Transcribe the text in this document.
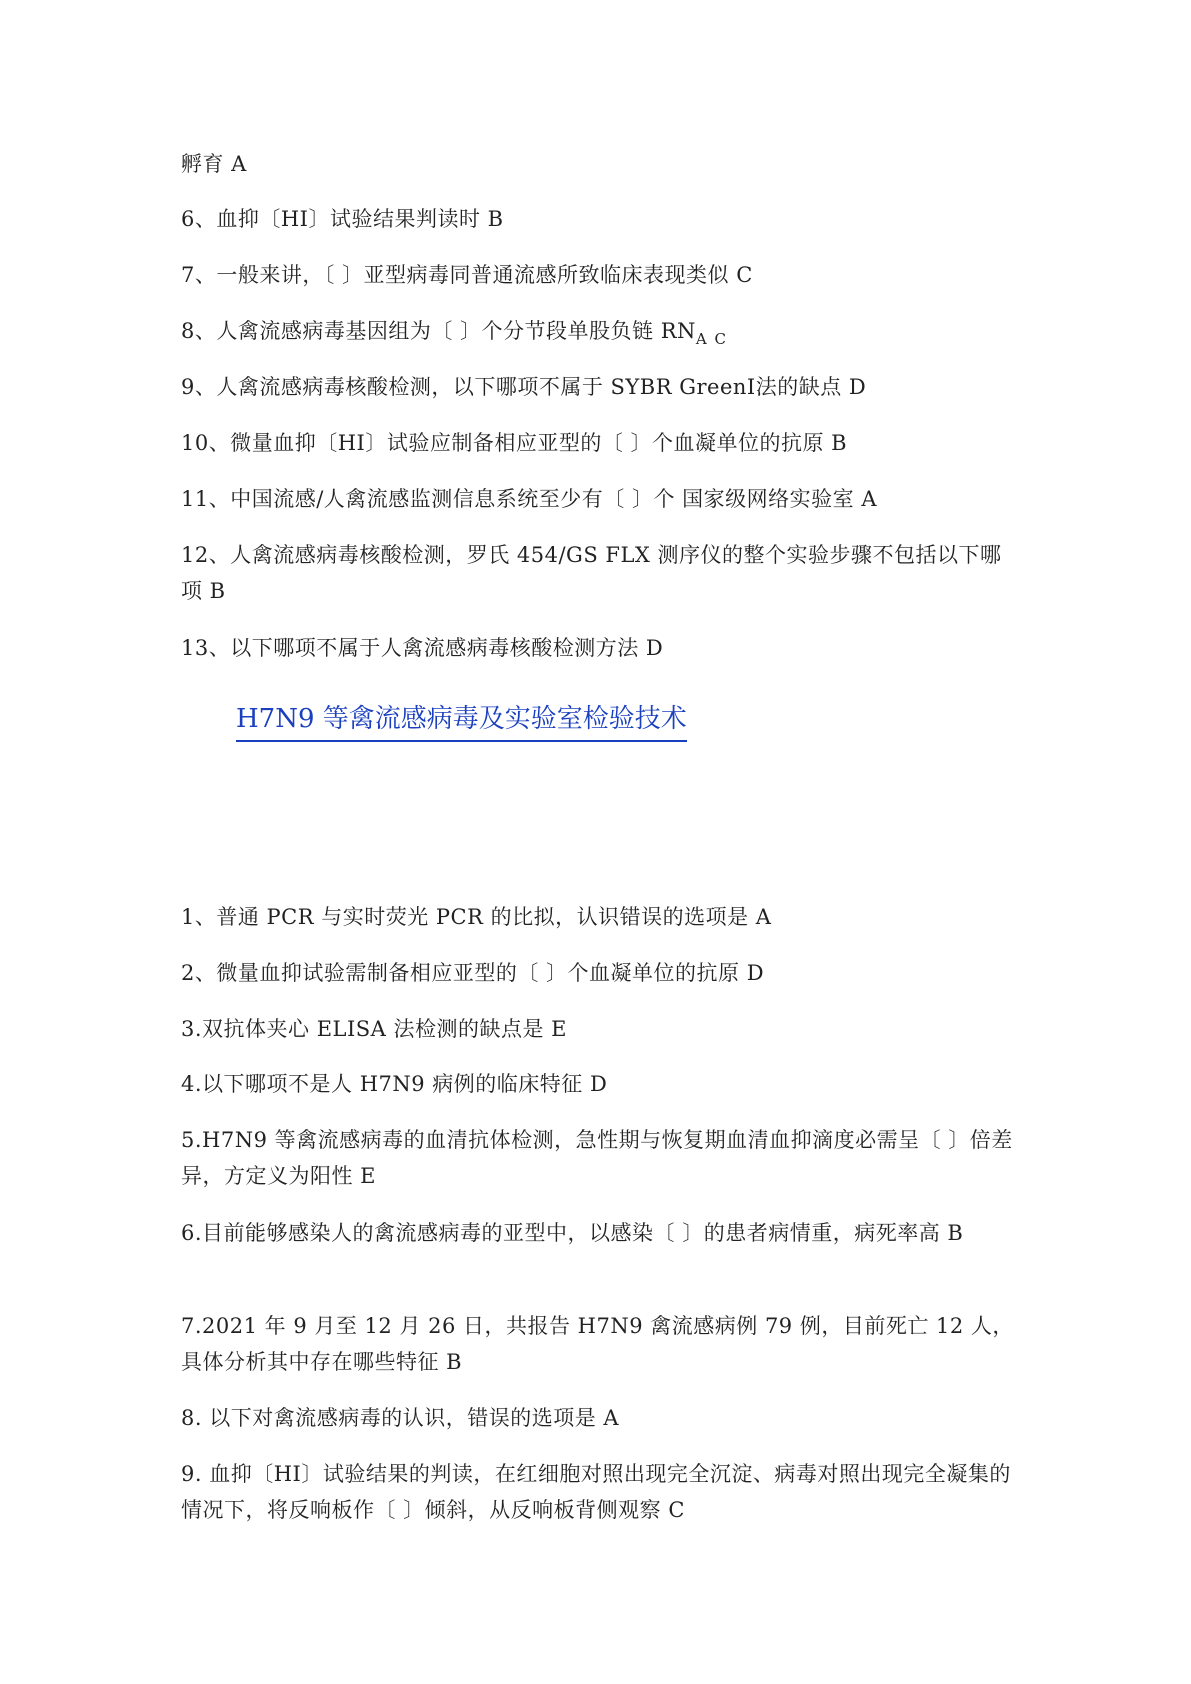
孵育 A
6、血抑〔HI〕试验结果判读时 B
7、一般来讲，〔 〕亚型病毒同普通流感所致临床表现类似 C
8、人禽流感病毒基因组为〔 〕个分节段单股负链 $RN_A$ $_C$
9、人禽流感病毒核酸检测，以下哪项不属于 SYBR GreenⅠ法的缺点 D
10、微量血抑〔HI〕试验应制备相应亚型的〔 〕个血凝单位的抗原 B
11、中国流感/人禽流感监测信息系统至少有〔 〕个 国家级网络实验室 A
12、人禽流感病毒核酸检测，罗氏 454/GS FLX 测序仪的整个实验步骤不包括以下哪项 B
13、以下哪项不属于人禽流感病毒核酸检测方法 D
H7N9 等禽流感病毒及实验室检验技术
1、普通 PCR 与实时荧光 PCR 的比拟，认识错误的选项是 A
2、微量血抑试验需制备相应亚型的〔 〕个血凝单位的抗原 D
3.双抗体夹心 ELISA 法检测的缺点是 E
4.以下哪项不是人 H7N9 病例的临床特征 D
5.H7N9 等禽流感病毒的血清抗体检测，急性期与恢复期血清血抑滴度必需呈〔 〕倍差异，方定义为阳性 E
6.目前能够感染人的禽流感病毒的亚型中，以感染〔 〕的患者病情重，病死率高 B
7.2021 年 9 月至 12 月 26 日，共报告 H7N9 禽流感病例 79 例，目前死亡 12 人，具体分析其中存在哪些特征 B
8. 以下对禽流感病毒的认识，错误的选项是 A
9. 血抑〔HI〕试验结果的判读，在红细胞对照出现完全沉淀、病毒对照出现完全凝集的情况下，将反响板作〔 〕倾斜，从反响板背侧观察 C
